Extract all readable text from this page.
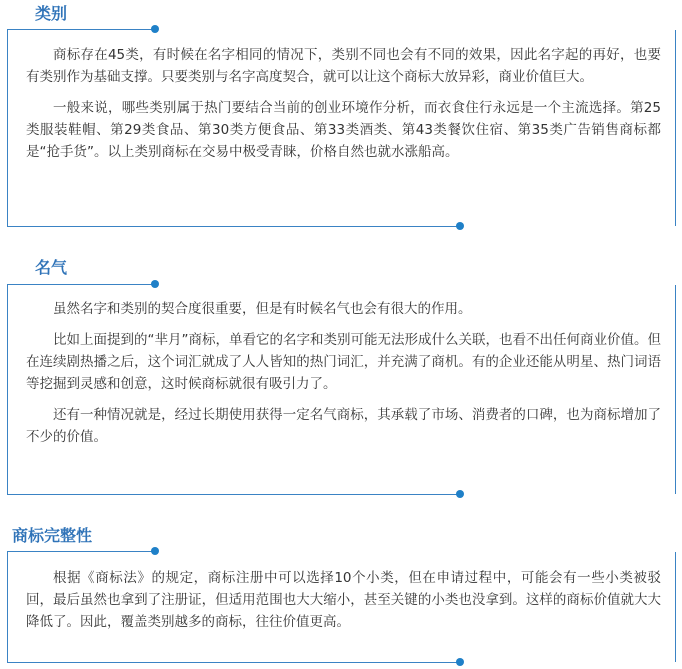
类别

商标存在45类，有时候在名字相同的情况下，类别不同也会有不同的效果，因此名字起的再好，也要有类别作为基础支撑。只要类别与名字高度契合，就可以让这个商标大放异彩，商业价值巨大。

一般来说，哪些类别属于热门要结合当前的创业环境作分析，而衣食住行永远是一个主流选择。第25类服装鞋帽、第29类食品、第30类方便食品、第33类酒类、第43类餐饮住宿、第35类广告销售商标都是“抢手货”。以上类别商标在交易中极受青睐，价格自然也就水涨船高。

名气

虽然名字和类别的契合度很重要，但是有时候名气也会有很大的作用。

比如上面提到的“芈月”商标，单看它的名字和类别可能无法形成什么关联，也看不出任何商业价值。但在连续剧热播之后，这个词汇就成了人人皆知的热门词汇，并充满了商机。有的企业还能从明星、热门词语等挖掘到灵感和创意，这时候商标就很有吸引力了。

还有一种情况就是，经过长期使用获得一定名气商标，其承载了市场、消费者的口碑，也为商标增加了不少的价值。

商标完整性

根据《商标法》的规定，商标注册中可以选择10个小类，但在申请过程中，可能会有一些小类被驳回，最后虽然也拿到了注册证，但适用范围也大大缩小，甚至关键的小类也没拿到。这样的商标价值就大大降低了。因此，覆盖类别越多的商标，往往价值更高。
